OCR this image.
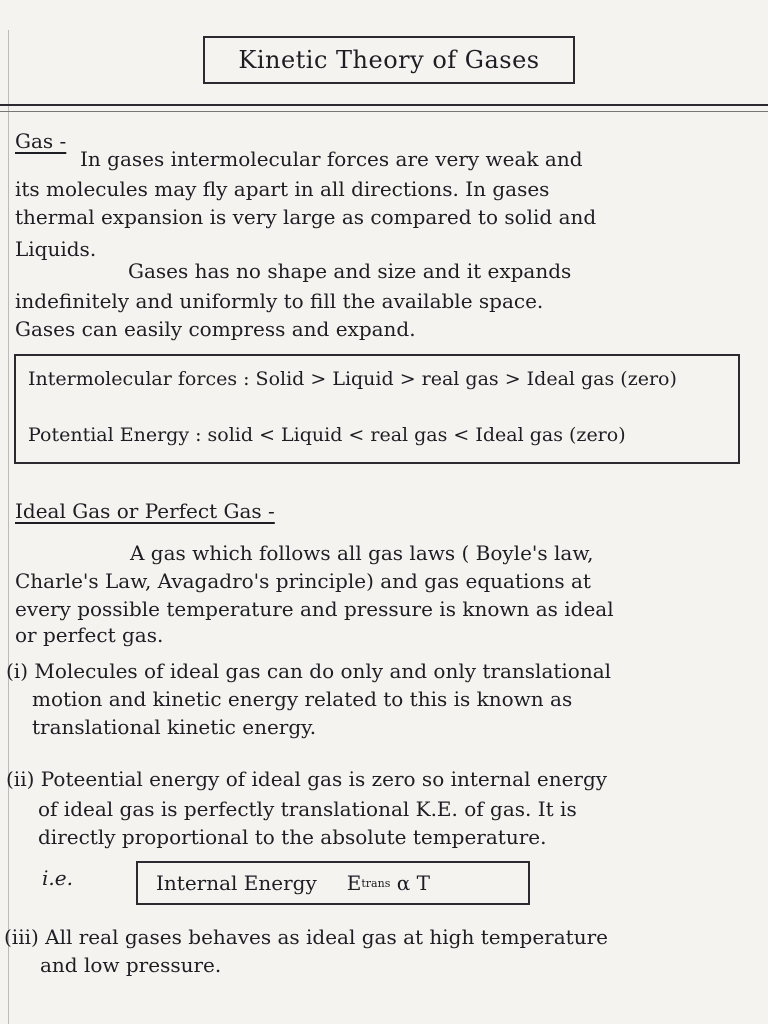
Kinetic Theory of Gases
Gas -
In gases intermolecular forces are very weak and
its molecules may fly apart in all directions. In gases
thermal expansion is very large as compared to solid and
Liquids.
Gases has no shape and size and it expands
indefinitely and uniformly to fill the available space.
Gases can easily compress and expand.
Intermolecular forces : Solid > Liquid > real gas > Ideal gas (zero)
Potential Energy : solid < Liquid < real gas < Ideal gas (zero)
Ideal Gas or Perfect Gas -
A gas which follows all gas laws ( Boyle's law,
Charle's Law, Avagadro's principle) and gas equations at
every possible temperature and pressure is known as ideal
or perfect gas.
(i) Molecules of ideal gas can do only and only translational
motion and kinetic energy related to this is known as
translational kinetic energy.
(ii) Poteential energy of ideal gas is zero so internal energy
of ideal gas is perfectly translational K.E. of gas. It is
directly proportional to the absolute temperature.
i.e.	Internal Energy E trans
α T
(iii) All real gases behaves as ideal gas at high temperature
and low pressure.
